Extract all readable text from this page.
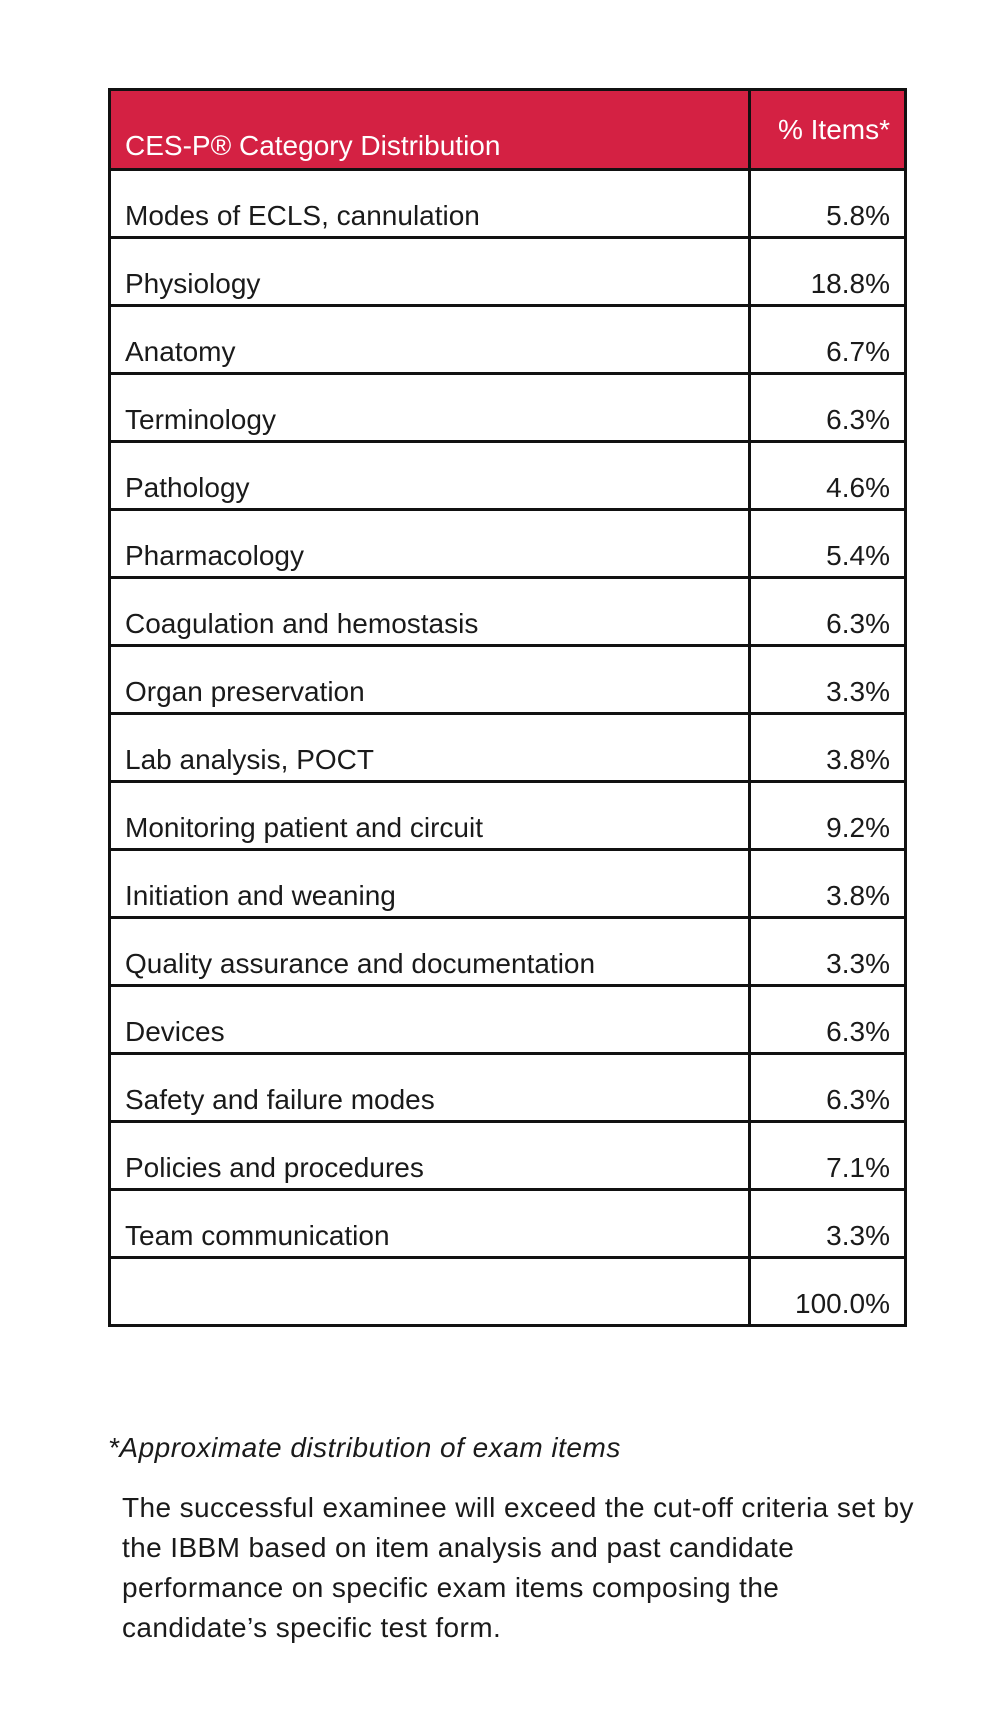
CES-P® Category Distribution	% Items*
Modes of ECLS, cannulation	5.8%
Physiology	18.8%
Anatomy	6.7%
Terminology	6.3%
Pathology	4.6%
Pharmacology	5.4%
Coagulation and hemostasis	6.3%
Organ preservation	3.3%
Lab analysis, POCT	3.8%
Monitoring patient and circuit	9.2%
Initiation and weaning	3.8%
Quality assurance and documentation	3.3%
Devices	6.3%
Safety and failure modes	6.3%
Policies and procedures	7.1%
Team communication	3.3%
	100.0%
*Approximate distribution of exam items
The successful examinee will exceed the cut-off criteria set by the IBBM based on item analysis and past candidate performance on specific exam items composing the candidate’s specific test form.
